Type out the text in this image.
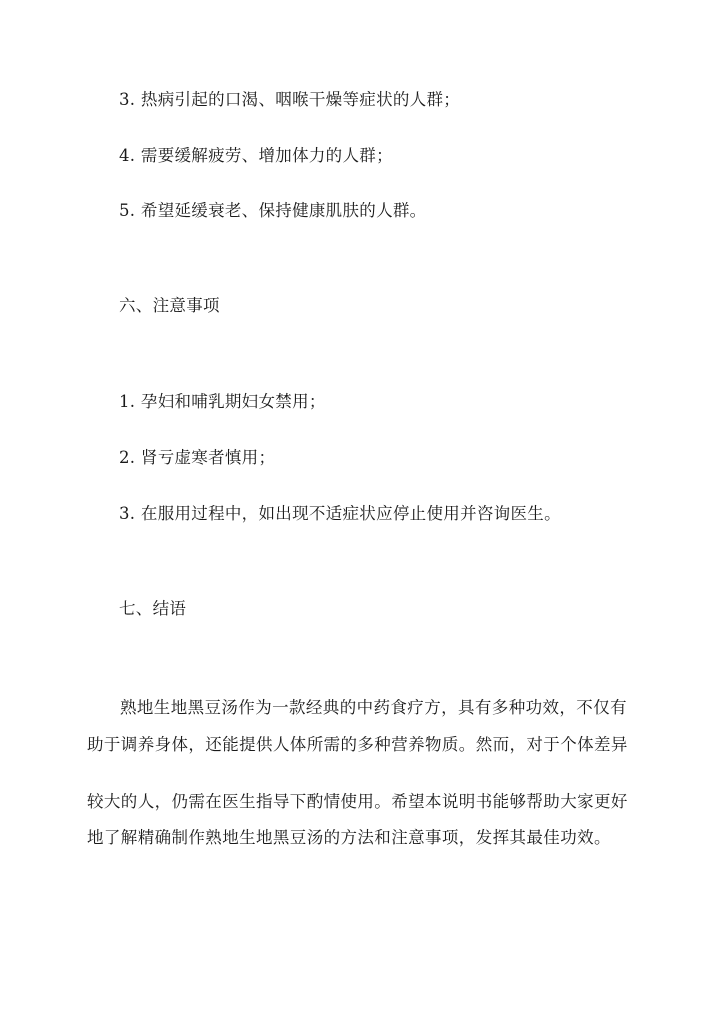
3. 热病引起的口渴、咽喉干燥等症状的人群；
4. 需要缓解疲劳、增加体力的人群；
5. 希望延缓衰老、保持健康肌肤的人群。
六、注意事项
1. 孕妇和哺乳期妇女禁用；
2. 肾亏虚寒者慎用；
3. 在服用过程中，如出现不适症状应停止使用并咨询医生。
七、结语
熟地生地黑豆汤作为一款经典的中药食疗方，具有多种功效，不仅有
助于调养身体，还能提供人体所需的多种营养物质。然而，对于个体差异
较大的人，仍需在医生指导下酌情使用。希望本说明书能够帮助大家更好
地了解精确制作熟地生地黑豆汤的方法和注意事项，发挥其最佳功效。
